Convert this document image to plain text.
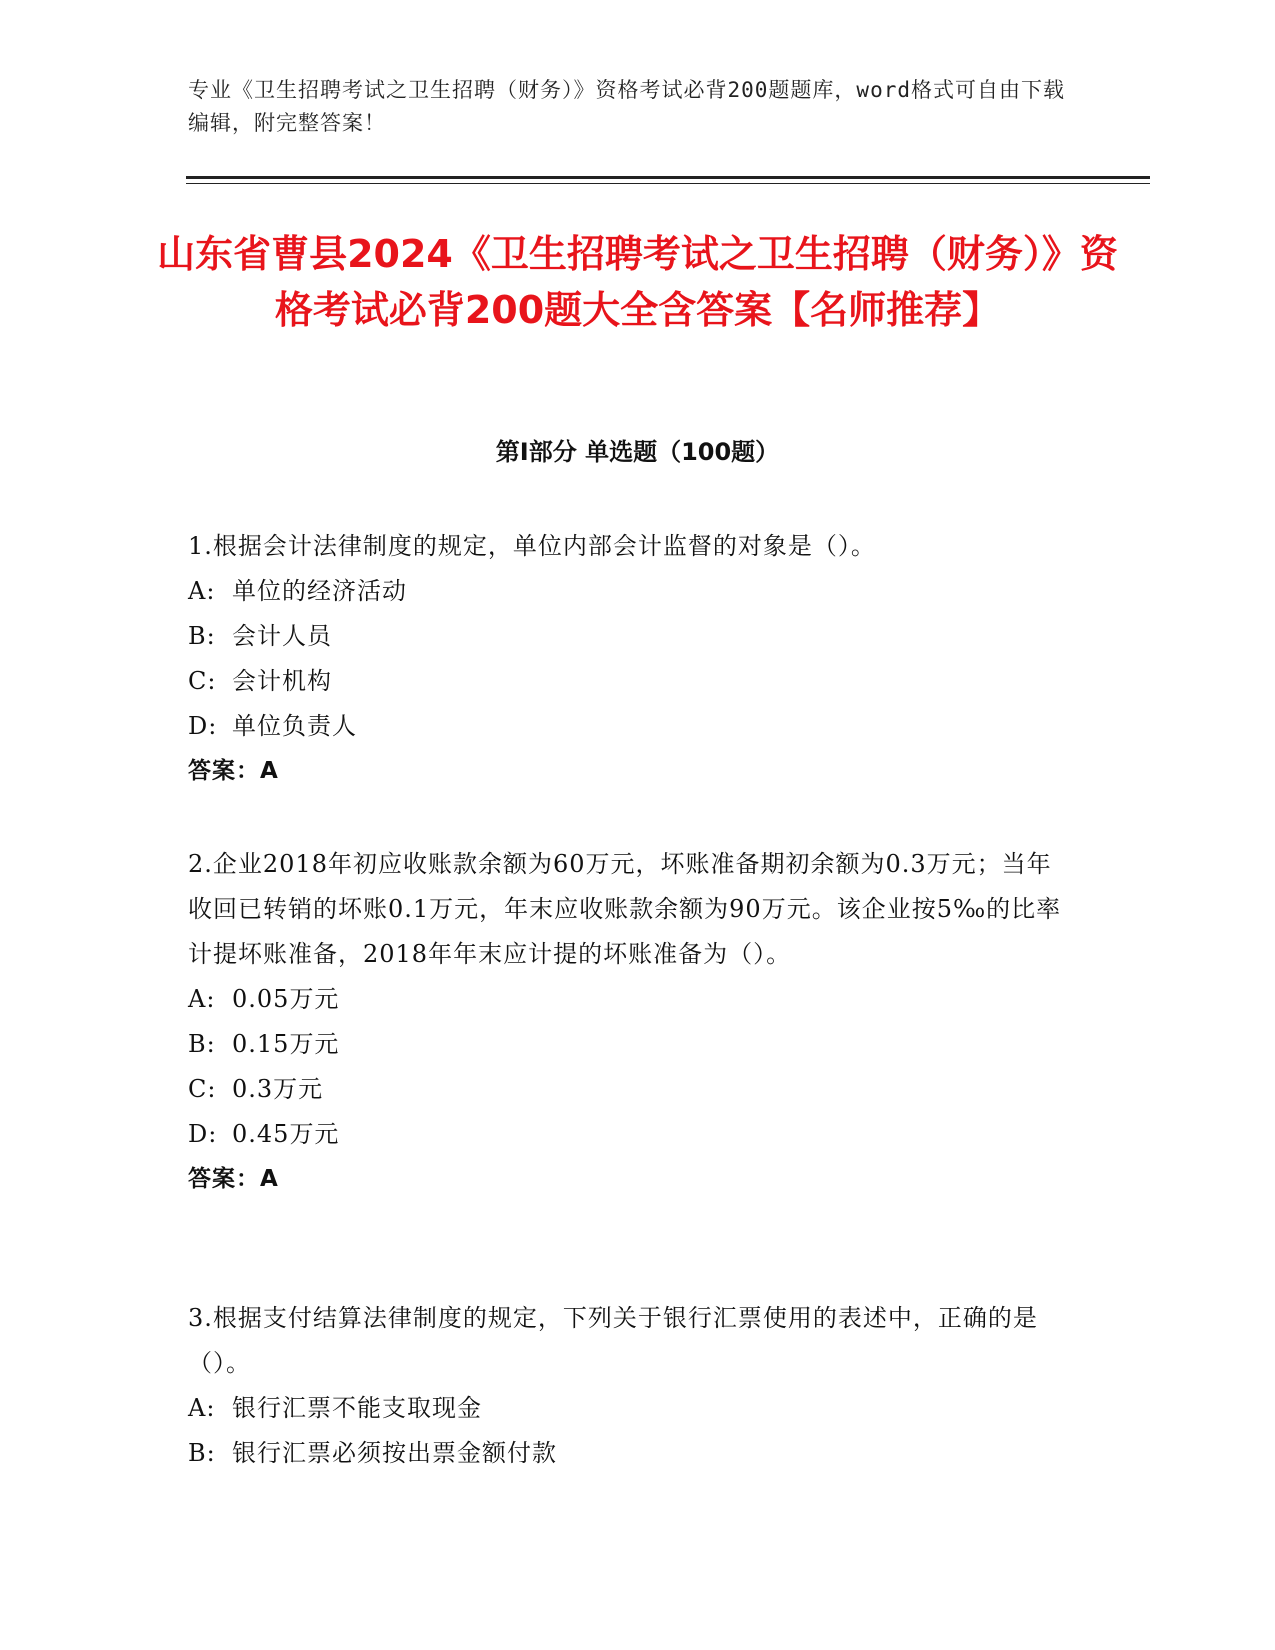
专业《卫生招聘考试之卫生招聘（财务）》资格考试必背200题题库，word格式可自由下载编辑，附完整答案！
山东省曹县2024《卫生招聘考试之卫生招聘（财务）》资格考试必背200题大全含答案【名师推荐】
第Ⅰ部分 单选题（100题）
1.根据会计法律制度的规定，单位内部会计监督的对象是（）。
A: 单位的经济活动
B: 会计人员
C: 会计机构
D: 单位负责人
答案：A
2.企业2018年初应收账款余额为60万元，坏账准备期初余额为0.3万元；当年收回已转销的坏账0.1万元，年末应收账款余额为90万元。该企业按5‰的比率计提坏账准备，2018年年末应计提的坏账准备为（）。
A: 0.05万元
B: 0.15万元
C: 0.3万元
D: 0.45万元
答案：A
3.根据支付结算法律制度的规定，下列关于银行汇票使用的表述中，正确的是（）。
A: 银行汇票不能支取现金
B: 银行汇票必须按出票金额付款
